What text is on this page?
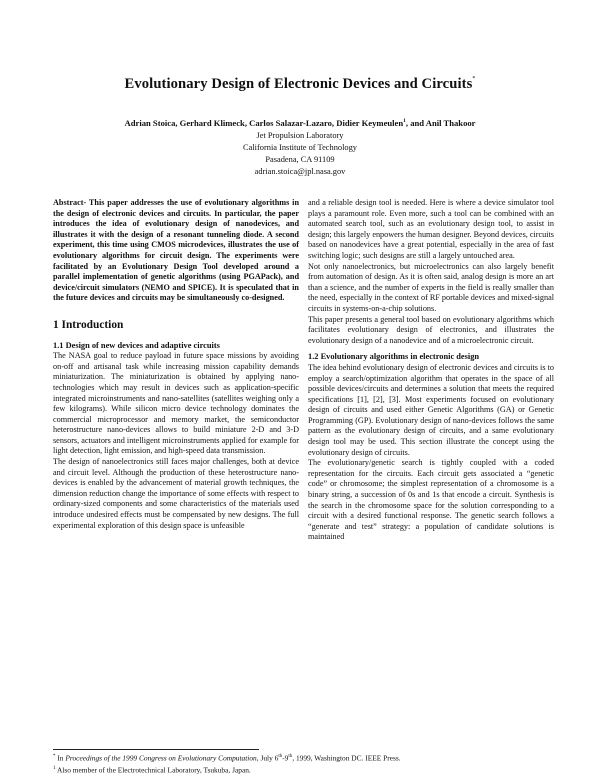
Evolutionary Design of Electronic Devices and Circuits*
Adrian Stoica, Gerhard Klimeck, Carlos Salazar-Lazaro, Didier Keymeulen$^1$, and Anil Thakoor
Jet Propulsion Laboratory
California Institute of Technology
Pasadena, CA 91109
adrian.stoica@jpl.nasa.gov

Abstract- This paper addresses the use of evolutionary algorithms in the design of electronic devices and circuits. In particular, the paper introduces the idea of evolutionary design of nanodevices, and illustrates it with the design of a resonant tunneling diode. A second experiment, this time using CMOS microdevices, illustrates the use of evolutionary algorithms for circuit design. The experiments were facilitated by an Evolutionary Design Tool developed around a parallel implementation of genetic algorithms (using PGAPack), and device/circuit simulators (NEMO and SPICE). It is speculated that in the future devices and circuits may be simultaneously co-designed.

1 Introduction
1.1 Design of new devices and adaptive circuits

The NASA goal to reduce payload in future space missions by avoiding on-off and artisanal task while increasing mission capability demands miniaturization. The miniaturization is obtained by applying nano-technologies which may result in devices such as application-specific integrated microinstruments and nano-satellites (satellites weighing only a few kilograms). While silicon micro device technology dominates the commercial microprocessor and memory market, the semiconductor heterostructure nano-devices allows to build miniature 2-D and 3-D sensors, actuators and intelligent microinstruments applied for example for light detection, light emission, and high-speed data transmission.

The design of nanoelectronics still faces major challenges, both at device and circuit level. Although the production of these heterostructure nano-devices is enabled by the advancement of material growth techniques, the dimension reduction change the importance of some effects with respect to ordinary-sized components and some characteristics of the materials used introduce undesired effects must be compensated by new designs. The full experimental exploration of this design space is unfeasible

and a reliable design tool is needed. Here is where a device simulator tool plays a paramount role. Even more, such a tool can be combined with an automated search tool, such as an evolutionary design tool, to assist in design; this largely enpowers the human designer. Beyond devices, circuits based on nanodevices have a great potential, especially in the area of fast switching logic; such designs are still a largely untouched area.

Not only nanoelectronics, but microelectronics can also largely benefit from automation of design. As it is often said, analog design is more an art than a science, and the number of experts in the field is really smaller than the need, especially in the context of RF portable devices and mixed-signal circuits in systems-on-a-chip solutions.

This paper presents a general tool based on evolutionary algorithms which facilitates evolutionary design of electronics, and illustrates the evolutionary design of a nanodevice and of a microelectronic circuit.

1.2 Evolutionary algorithms in electronic design

The idea behind evolutionary design of electronic devices and circuits is to employ a search/optimization algorithm that operates in the space of all possible devices/circuits and determines a solution that meets the required specifications [1], [2], [3]. Most experiments focused on evolutionary design of circuits and used either Genetic Algorithms (GA) or Genetic Programming (GP). Evolutionary design of nano-devices follows the same pattern as the evolutionary design of circuits, and a same evolutionary design tool may be used. This section illustrate the concept using the evolutionary design of circuits.

The evolutionary/genetic search is tightly coupled with a coded representation for the circuits. Each circuit gets associated a “genetic code” or chromosome; the simplest representation of a chromosome is a binary string, a succession of 0s and 1s that encode a circuit. Synthesis is the search in the chromosome space for the solution corresponding to a circuit with a desired functional response. The genetic search follows a “generate and test” strategy: a population of candidate solutions is maintained

* In Proceedings of the 1999 Congress on Evolutionary Computation, July 6th-9th, 1999, Washington DC. IEEE Press.
$^1$ Also member of the Electrotechnical Laboratory, Tsukuba, Japan.
